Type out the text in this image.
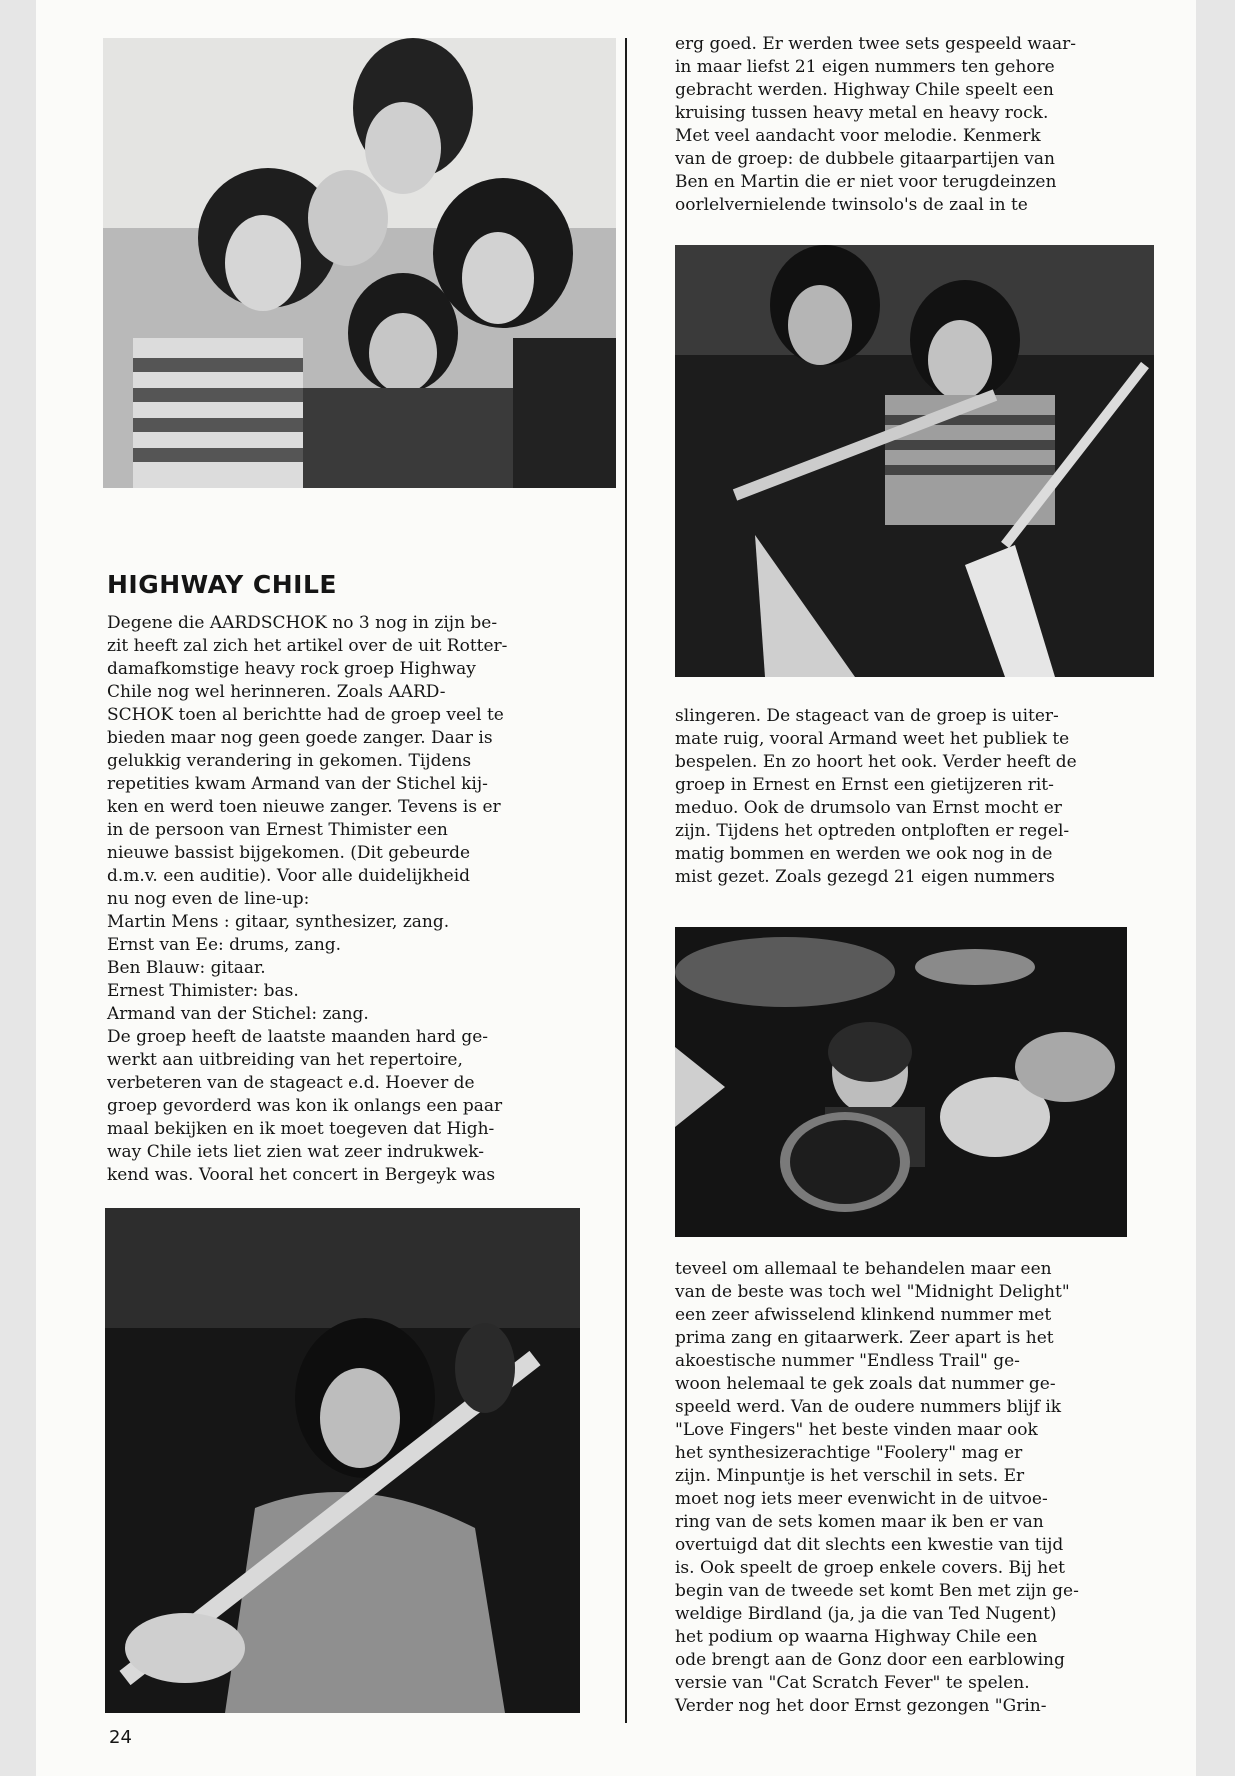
HIGHWAY CHILE
Degene die AARDSCHOK no 3 nog in zijn be-
zit heeft zal zich het artikel over de uit Rotter-
damafkomstige heavy rock groep Highway
Chile nog wel herinneren. Zoals AARD-
SCHOK toen al berichtte had de groep veel te
bieden maar nog geen goede zanger. Daar is
gelukkig verandering in gekomen. Tijdens
repetities kwam Armand van der Stichel kij-
ken en werd toen nieuwe zanger. Tevens is er
in de persoon van Ernest Thimister een
nieuwe bassist bijgekomen. (Dit gebeurde
d.m.v. een auditie). Voor alle duidelijkheid
nu nog even de line-up:
Martin Mens : gitaar, synthesizer, zang.
Ernst van Ee: drums, zang.
Ben Blauw: gitaar.
Ernest Thimister: bas.
Armand van der Stichel: zang.
De groep heeft de laatste maanden hard ge-
werkt aan uitbreiding van het repertoire,
verbeteren van de stageact e.d. Hoever de
groep gevorderd was kon ik onlangs een paar
maal bekijken en ik moet toegeven dat High-
way Chile iets liet zien wat zeer indrukwek-
kend was. Vooral het concert in Bergeyk was
erg goed. Er werden twee sets gespeeld waar-
in maar liefst 21 eigen nummers ten gehore
gebracht werden. Highway Chile speelt een
kruising tussen heavy metal en heavy rock.
Met veel aandacht voor melodie. Kenmerk
van de groep: de dubbele gitaarpartijen van
Ben en Martin die er niet voor terugdeinzen
oorlelvernielende twinsolo's de zaal in te
slingeren. De stageact van de groep is uiter-
mate ruig, vooral Armand weet het publiek te
bespelen. En zo hoort het ook. Verder heeft de
groep in Ernest en Ernst een gietijzeren rit-
meduo. Ook de drumsolo van Ernst mocht er
zijn. Tijdens het optreden ontploften er regel-
matig bommen en werden we ook nog in de
mist gezet. Zoals gezegd 21 eigen nummers
teveel om allemaal te behandelen maar een
van de beste was toch wel "Midnight Delight"
een zeer afwisselend klinkend nummer met
prima zang en gitaarwerk. Zeer apart is het
akoestische nummer "Endless Trail" ge-
woon helemaal te gek zoals dat nummer ge-
speeld werd. Van de oudere nummers blijf ik
"Love Fingers" het beste vinden maar ook
het synthesizerachtige "Foolery" mag er
zijn. Minpuntje is het verschil in sets. Er
moet nog iets meer evenwicht in de uitvoe-
ring van de sets komen maar ik ben er van
overtuigd dat dit slechts een kwestie van tijd
is. Ook speelt de groep enkele covers. Bij het
begin van de tweede set komt Ben met zijn ge-
weldige Birdland (ja, ja die van Ted Nugent)
het podium op waarna Highway Chile een
ode brengt aan de Gonz door een earblowing
versie van "Cat Scratch Fever" te spelen.
Verder nog het door Ernst gezongen "Grin-
24
